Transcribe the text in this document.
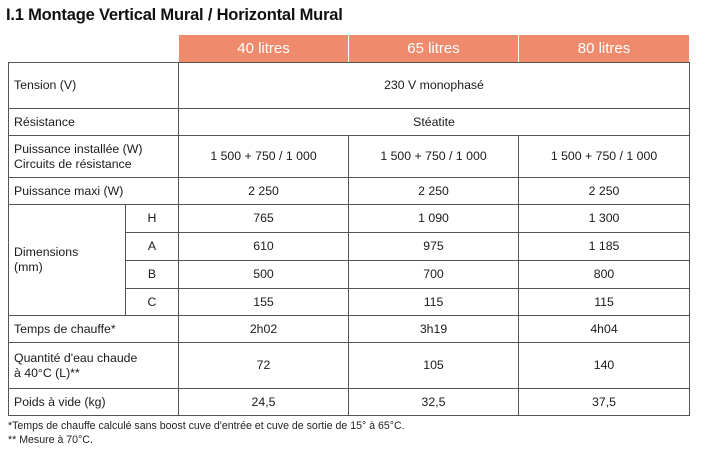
I.1 Montage Vertical Mural / Horizontal Mural
		40 litres	65 litres	80 litres
Tension (V)		230 V monophasé		
Résistance		Stéatite		

Puissance installée (W)
Circuits de résistance		1 500 + 750 / 1 000	1 500 + 750 / 1 000	1 500 + 750 / 1 000
Puissance maxi (W)		2 250	2 250	2 250

Dimensions
(mm)	H	765	1 090	1 300
	A	610	975	1 185
	B	500	700	800
	C	155	115	115
Temps de chauffe*		2h02	3h19	4h04

Quantité d'eau chaude
à 40°C (L)**		72	105	140
Poids à vide (kg)		24,5	32,5	37,5
*Temps de chauffe calculé sans boost cuve d'entrée et cuve de sortie de 15° à 65°C.
** Mesure à 70°C.
